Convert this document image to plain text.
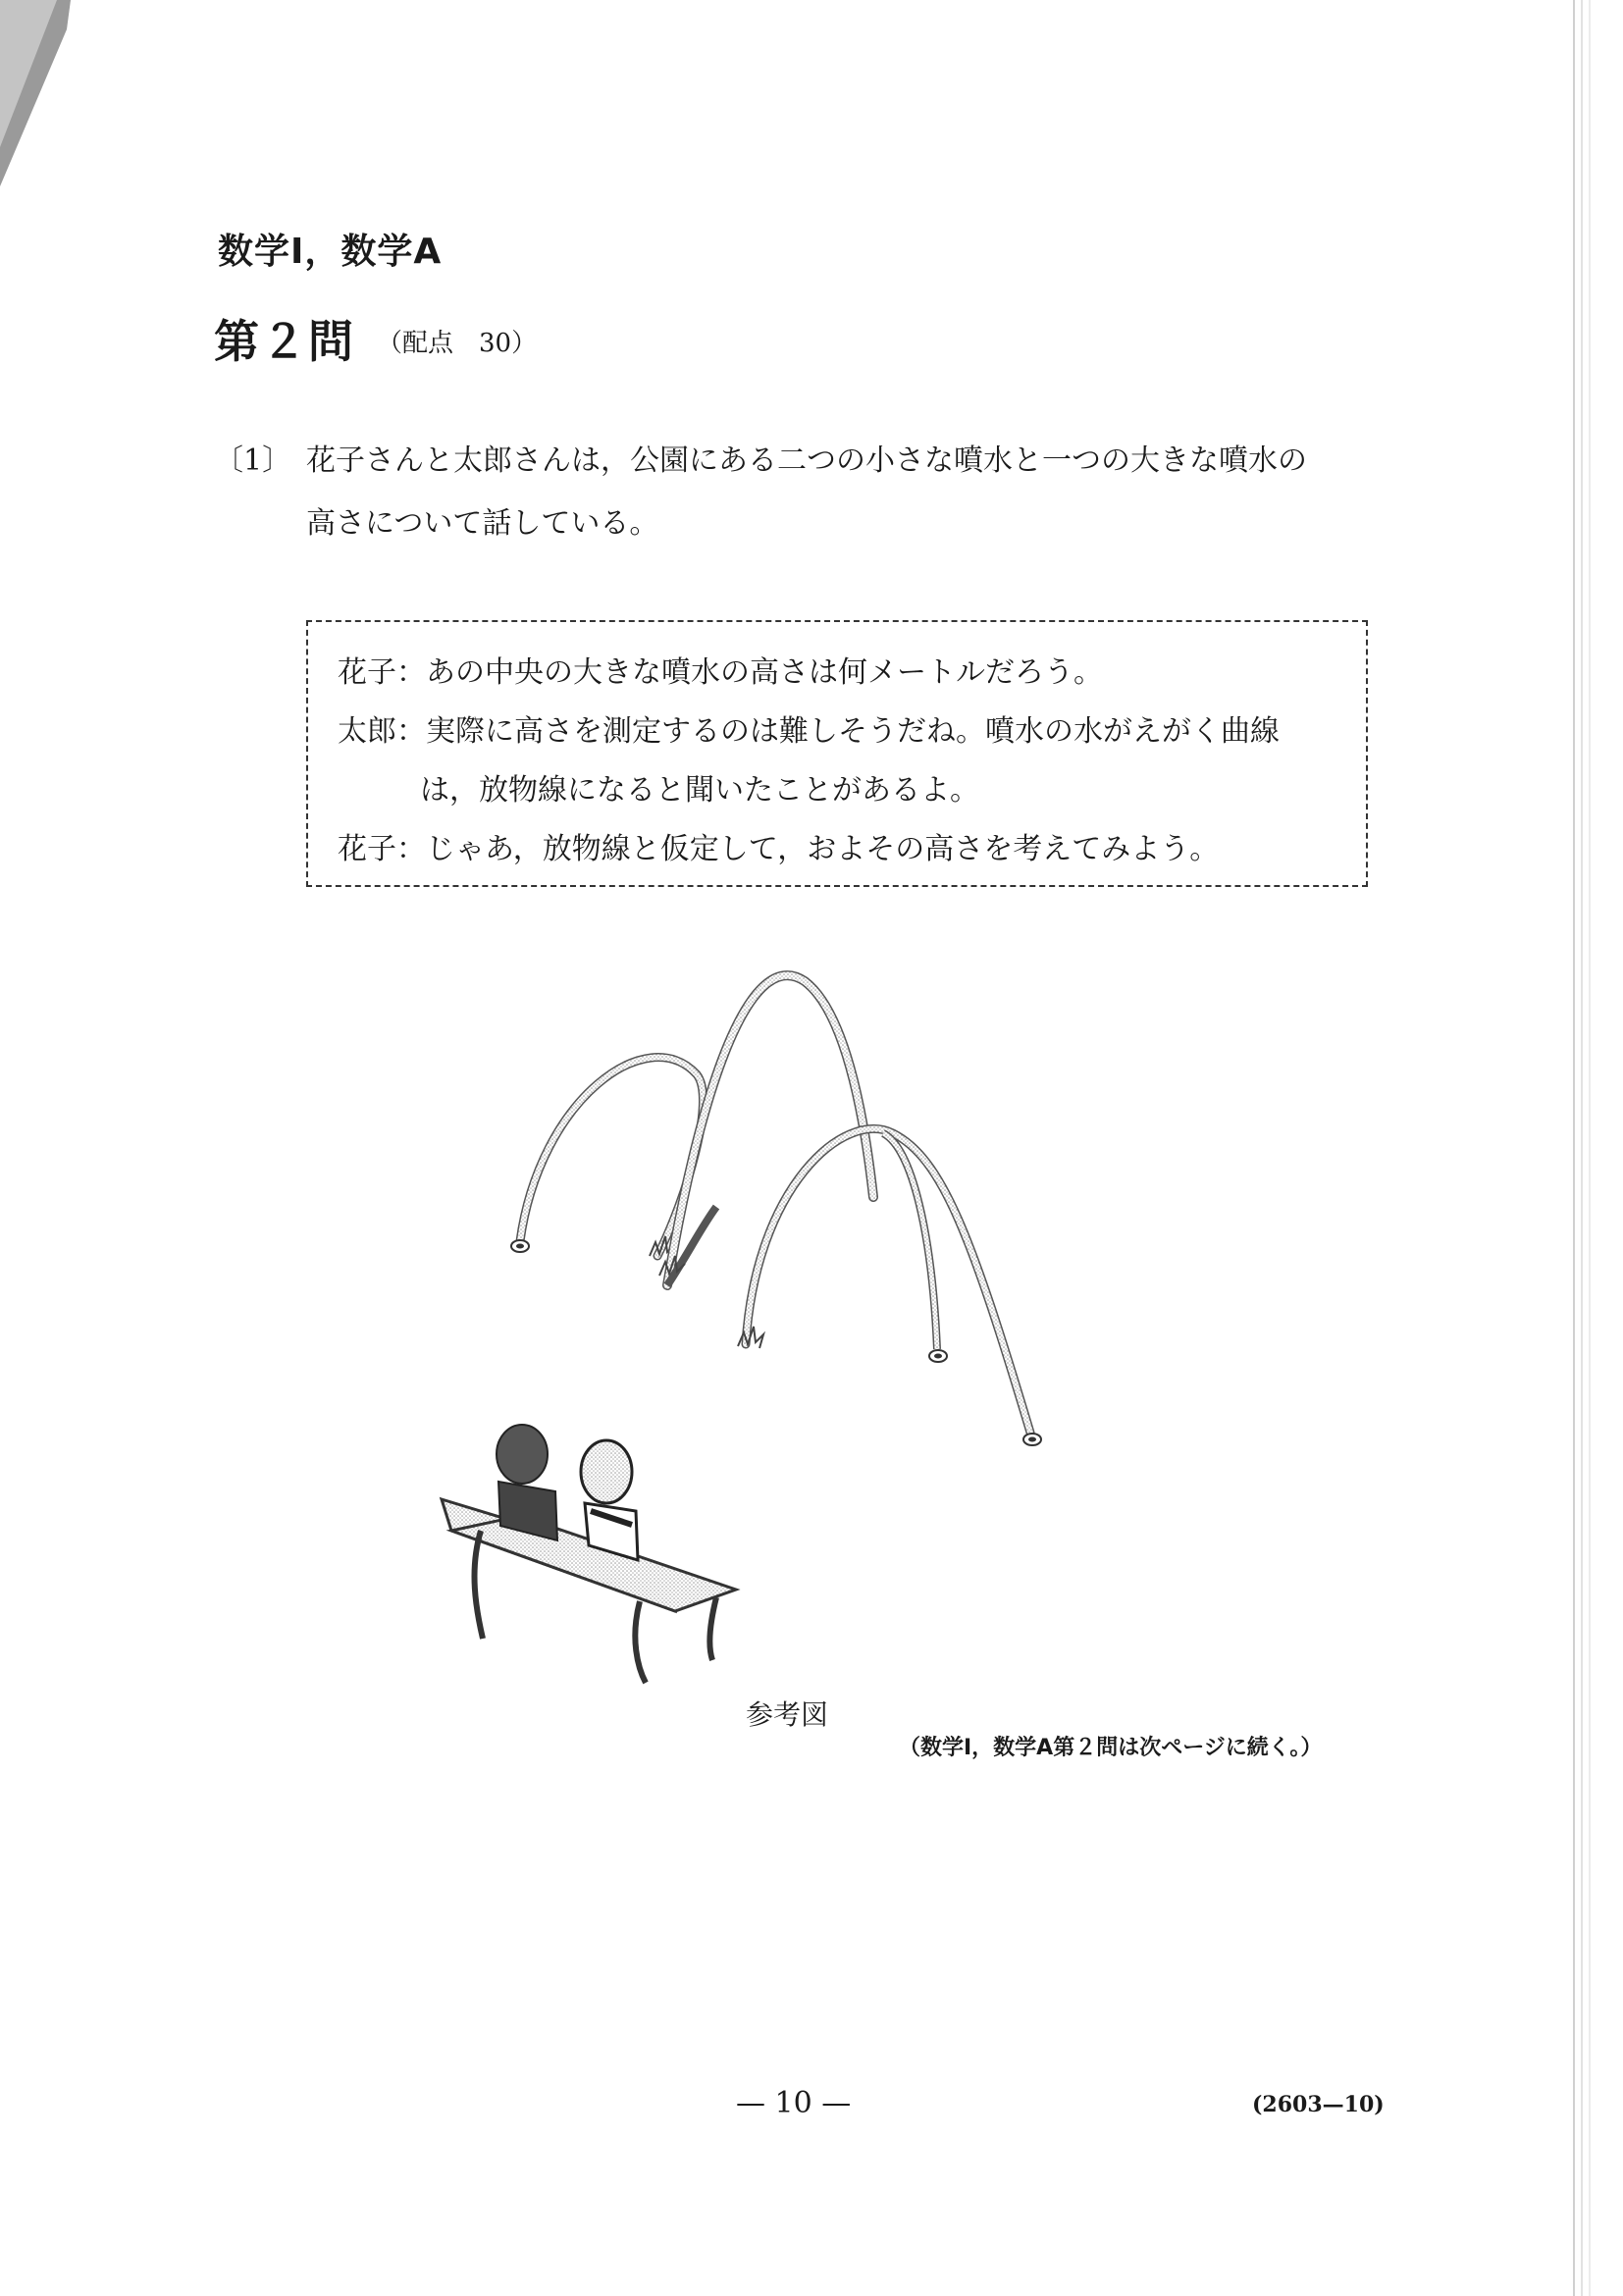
数学Ⅰ，数学A
第２問 （配点　30）
〔1〕 花子さんと太郎さんは，公園にある二つの小さな噴水と一つの大きな噴水の
高さについて話している。
花子：あの中央の大きな噴水の高さは何メートルだろう。
太郎：実際に高さを測定するのは難しそうだね。噴水の水がえがく曲線
は，放物線になると聞いたことがあるよ。
花子：じゃあ，放物線と仮定して，およその高さを考えてみよう。
参考図
（数学Ⅰ，数学A第２問は次ページに続く。）
— 10 —	(2603—10)
